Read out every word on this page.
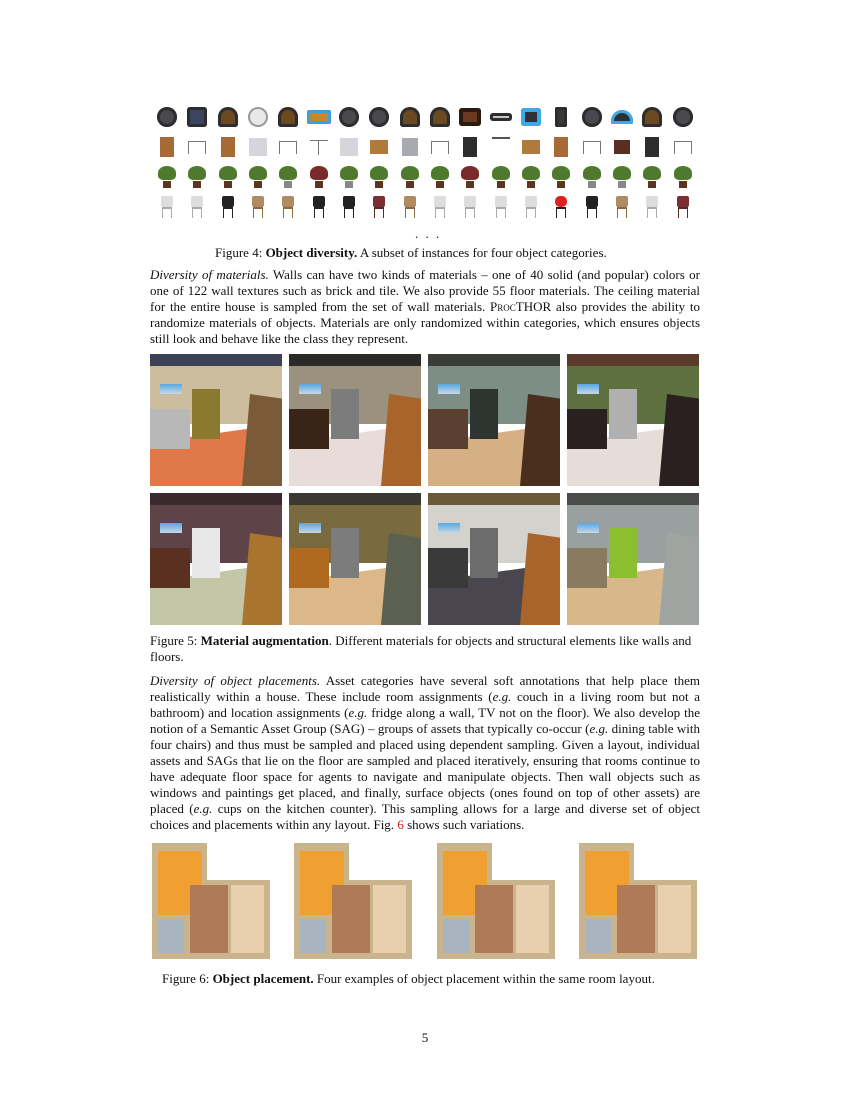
. . .
Figure 4: Object diversity. A subset of instances for four object categories.
Diversity of materials. Walls can have two kinds of materials – one of 40 solid (and popular) colors or one of 122 wall textures such as brick and tile. We also provide 55 floor materials. The ceiling material for the entire house is sampled from the set of wall materials. ProcTHOR also provides the ability to randomize materials of objects. Materials are only randomized within categories, which ensures objects still look and behave like the class they represent.
Figure 5: Material augmentation. Different materials for objects and structural elements like walls and floors.
Diversity of object placements. Asset categories have several soft annotations that help place them realistically within a house. These include room assignments (e.g. couch in a living room but not a bathroom) and location assignments (e.g. fridge along a wall, TV not on the floor). We also develop the notion of a Semantic Asset Group (SAG) – groups of assets that typically co-occur (e.g. dining table with four chairs) and thus must be sampled and placed using dependent sampling. Given a layout, individual assets and SAGs that lie on the floor are sampled and placed iteratively, ensuring that rooms continue to have adequate floor space for agents to navigate and manipulate objects. Then wall objects such as windows and paintings get placed, and finally, surface objects (ones found on top of other assets) are placed (e.g. cups on the kitchen counter). This sampling allows for a large and diverse set of object choices and placements within any layout. Fig. 6 shows such variations.
Figure 6: Object placement. Four examples of object placement within the same room layout.
5
